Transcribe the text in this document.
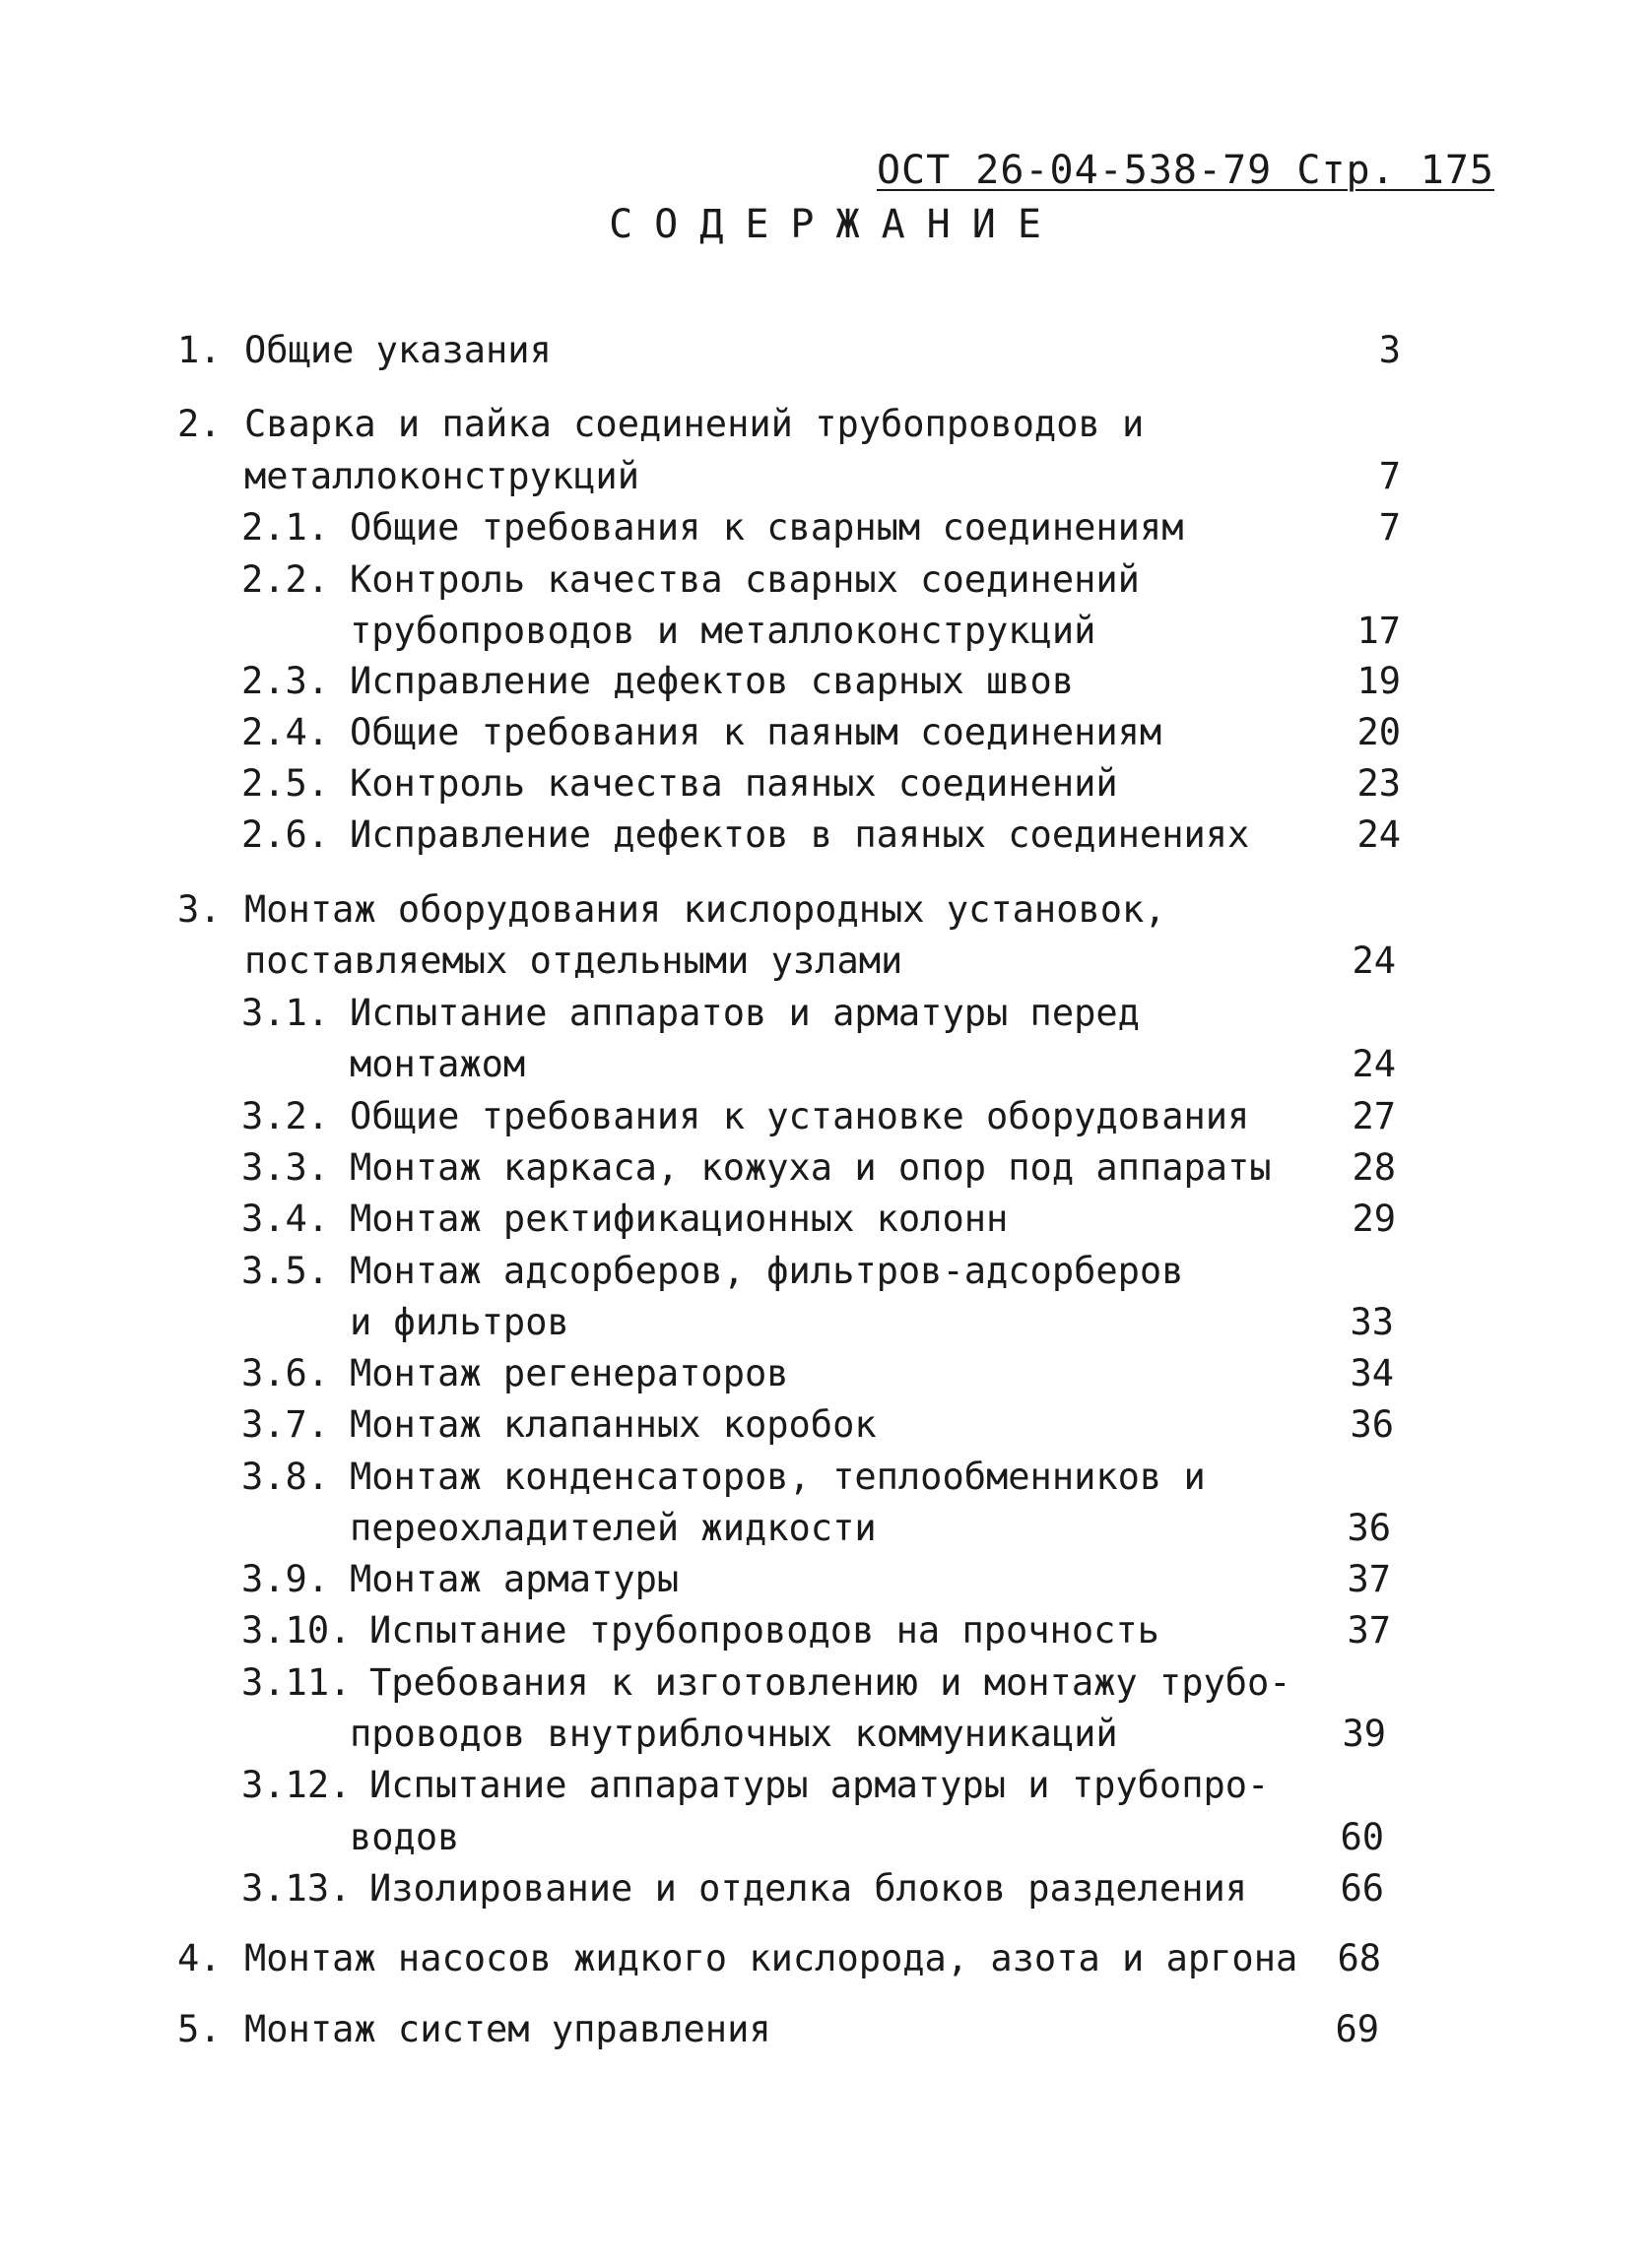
ОСТ 26-04-538-79 Стр. 175
СОДЕРЖАНИЕ
1. Общие указания	3
2. Сварка и пайка соединений трубопроводов и
металлоконструкций	7
2.1. Общие требования к сварным соединениям	7
2.2. Контроль качества сварных соединений
трубопроводов и металлоконструкций	17
2.3. Исправление дефектов сварных швов	19
2.4. Общие требования к паяным соединениям	20
2.5. Контроль качества паяных соединений	23
2.6. Исправление дефектов в паяных соединениях	24
3. Монтаж оборудования кислородных установок,
поставляемых отдельными узлами	24
3.1. Испытание аппаратов и арматуры перед
монтажом	24
3.2. Общие требования к установке оборудования	27
3.3. Монтаж каркаса, кожуха и опор под аппараты 28
3.4. Монтаж ректификационных колонн	29
3.5. Монтаж адсорберов, фильтров-адсорберов
и фильтров	33
3.6. Монтаж регенераторов	34
3.7. Монтаж клапанных коробок	36
3.8. Монтаж конденсаторов, теплообменников и
переохладителей жидкости	36
3.9. Монтаж арматуры	37
3.10. Испытание трубопроводов на прочность	37
3.11. Требования к изготовлению и монтажу трубо-
проводов внутриблочных коммуникаций	39
3.12. Испытание аппаратуры арматуры и трубопро-
водов	60
3.13. Изолирование и отделка блоков разделения	66
4. Монтаж насосов жидкого кислорода, азота и аргона 68
5. Монтаж систем управления	69
